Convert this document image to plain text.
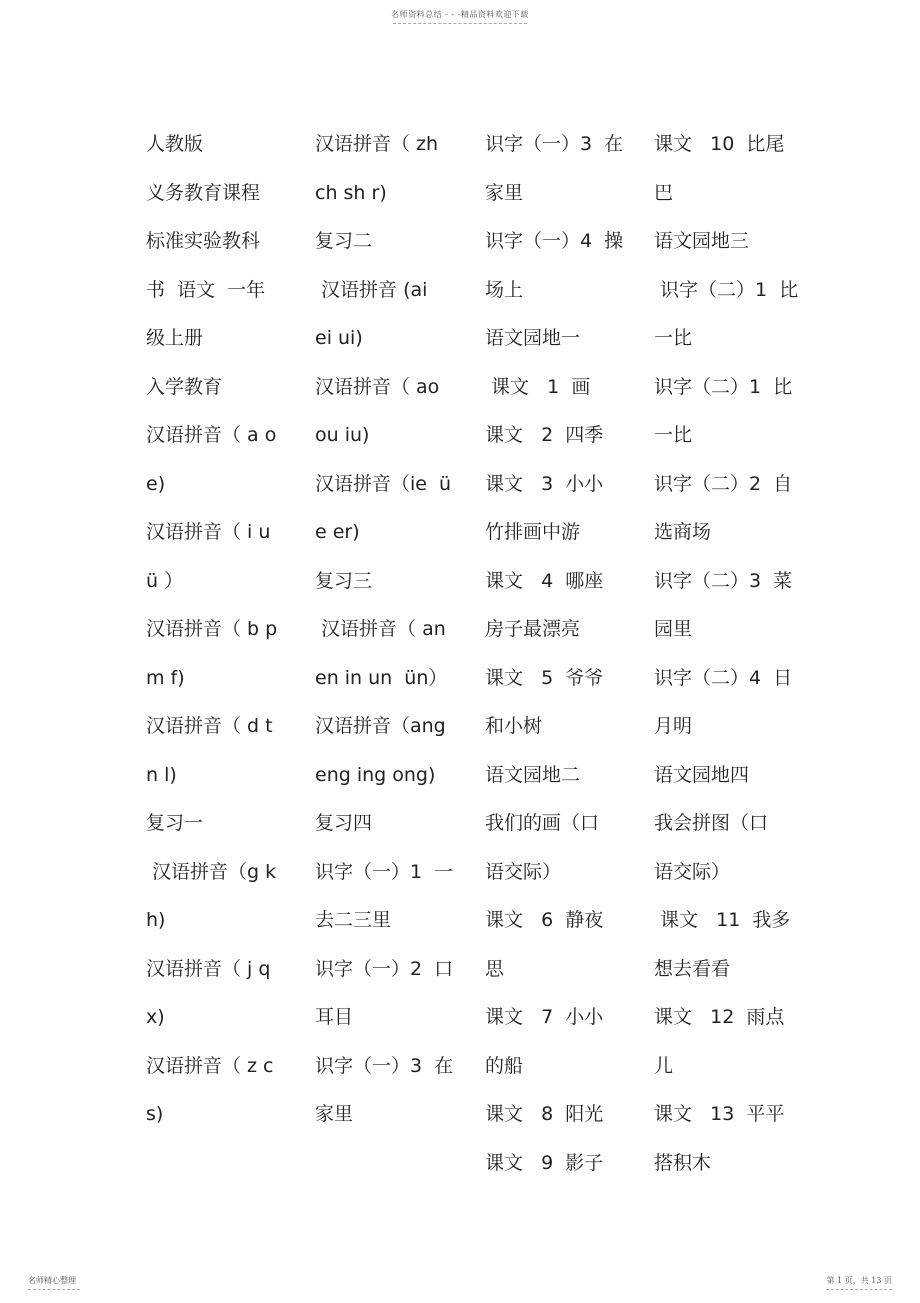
名师资料总结 - - -精品资料欢迎下载
人教版
义务教育课程
标准实验教科
书  语文  一年
级上册
入学教育
汉语拼音（ a o
e)
汉语拼音（ i u
ü ）
汉语拼音（ b p
m f)
汉语拼音（ d t
n l)
复习一
汉语拼音（g k
h)
汉语拼音（ j q
x)
汉语拼音（ z c
s)
汉语拼音（ zh
ch sh r)
复习二
汉语拼音 (ai
ei ui)
汉语拼音（ ao
ou iu)
汉语拼音（ie  ü
e er)
复习三
汉语拼音（ an
en in un  ün）
汉语拼音（ang
eng ing ong)
复习四
识字（一）1  一
去二三里
识字（一）2  口
耳目
识字（一）3  在
家里
识字（一）3  在
家里
识字（一）4  操
场上
语文园地一
课文   1  画
课文   2  四季
课文   3  小小
竹排画中游
课文   4  哪座
房子最漂亮
课文   5  爷爷
和小树
语文园地二
我们的画（口
语交际）
课文   6  静夜
思
课文   7  小小
的船
课文   8  阳光
课文   9  影子
课文   10  比尾
巴
语文园地三
识字（二）1  比
一比
识字（二）1  比
一比
识字（二）2  自
选商场
识字（二）3  菜
园里
识字（二）4  日
月明
语文园地四
我会拼图（口
语交际）
课文   11  我多
想去看看
课文   12  雨点
儿
课文   13  平平
搭积木
名师精心整理	第 1 页，共 13 页
